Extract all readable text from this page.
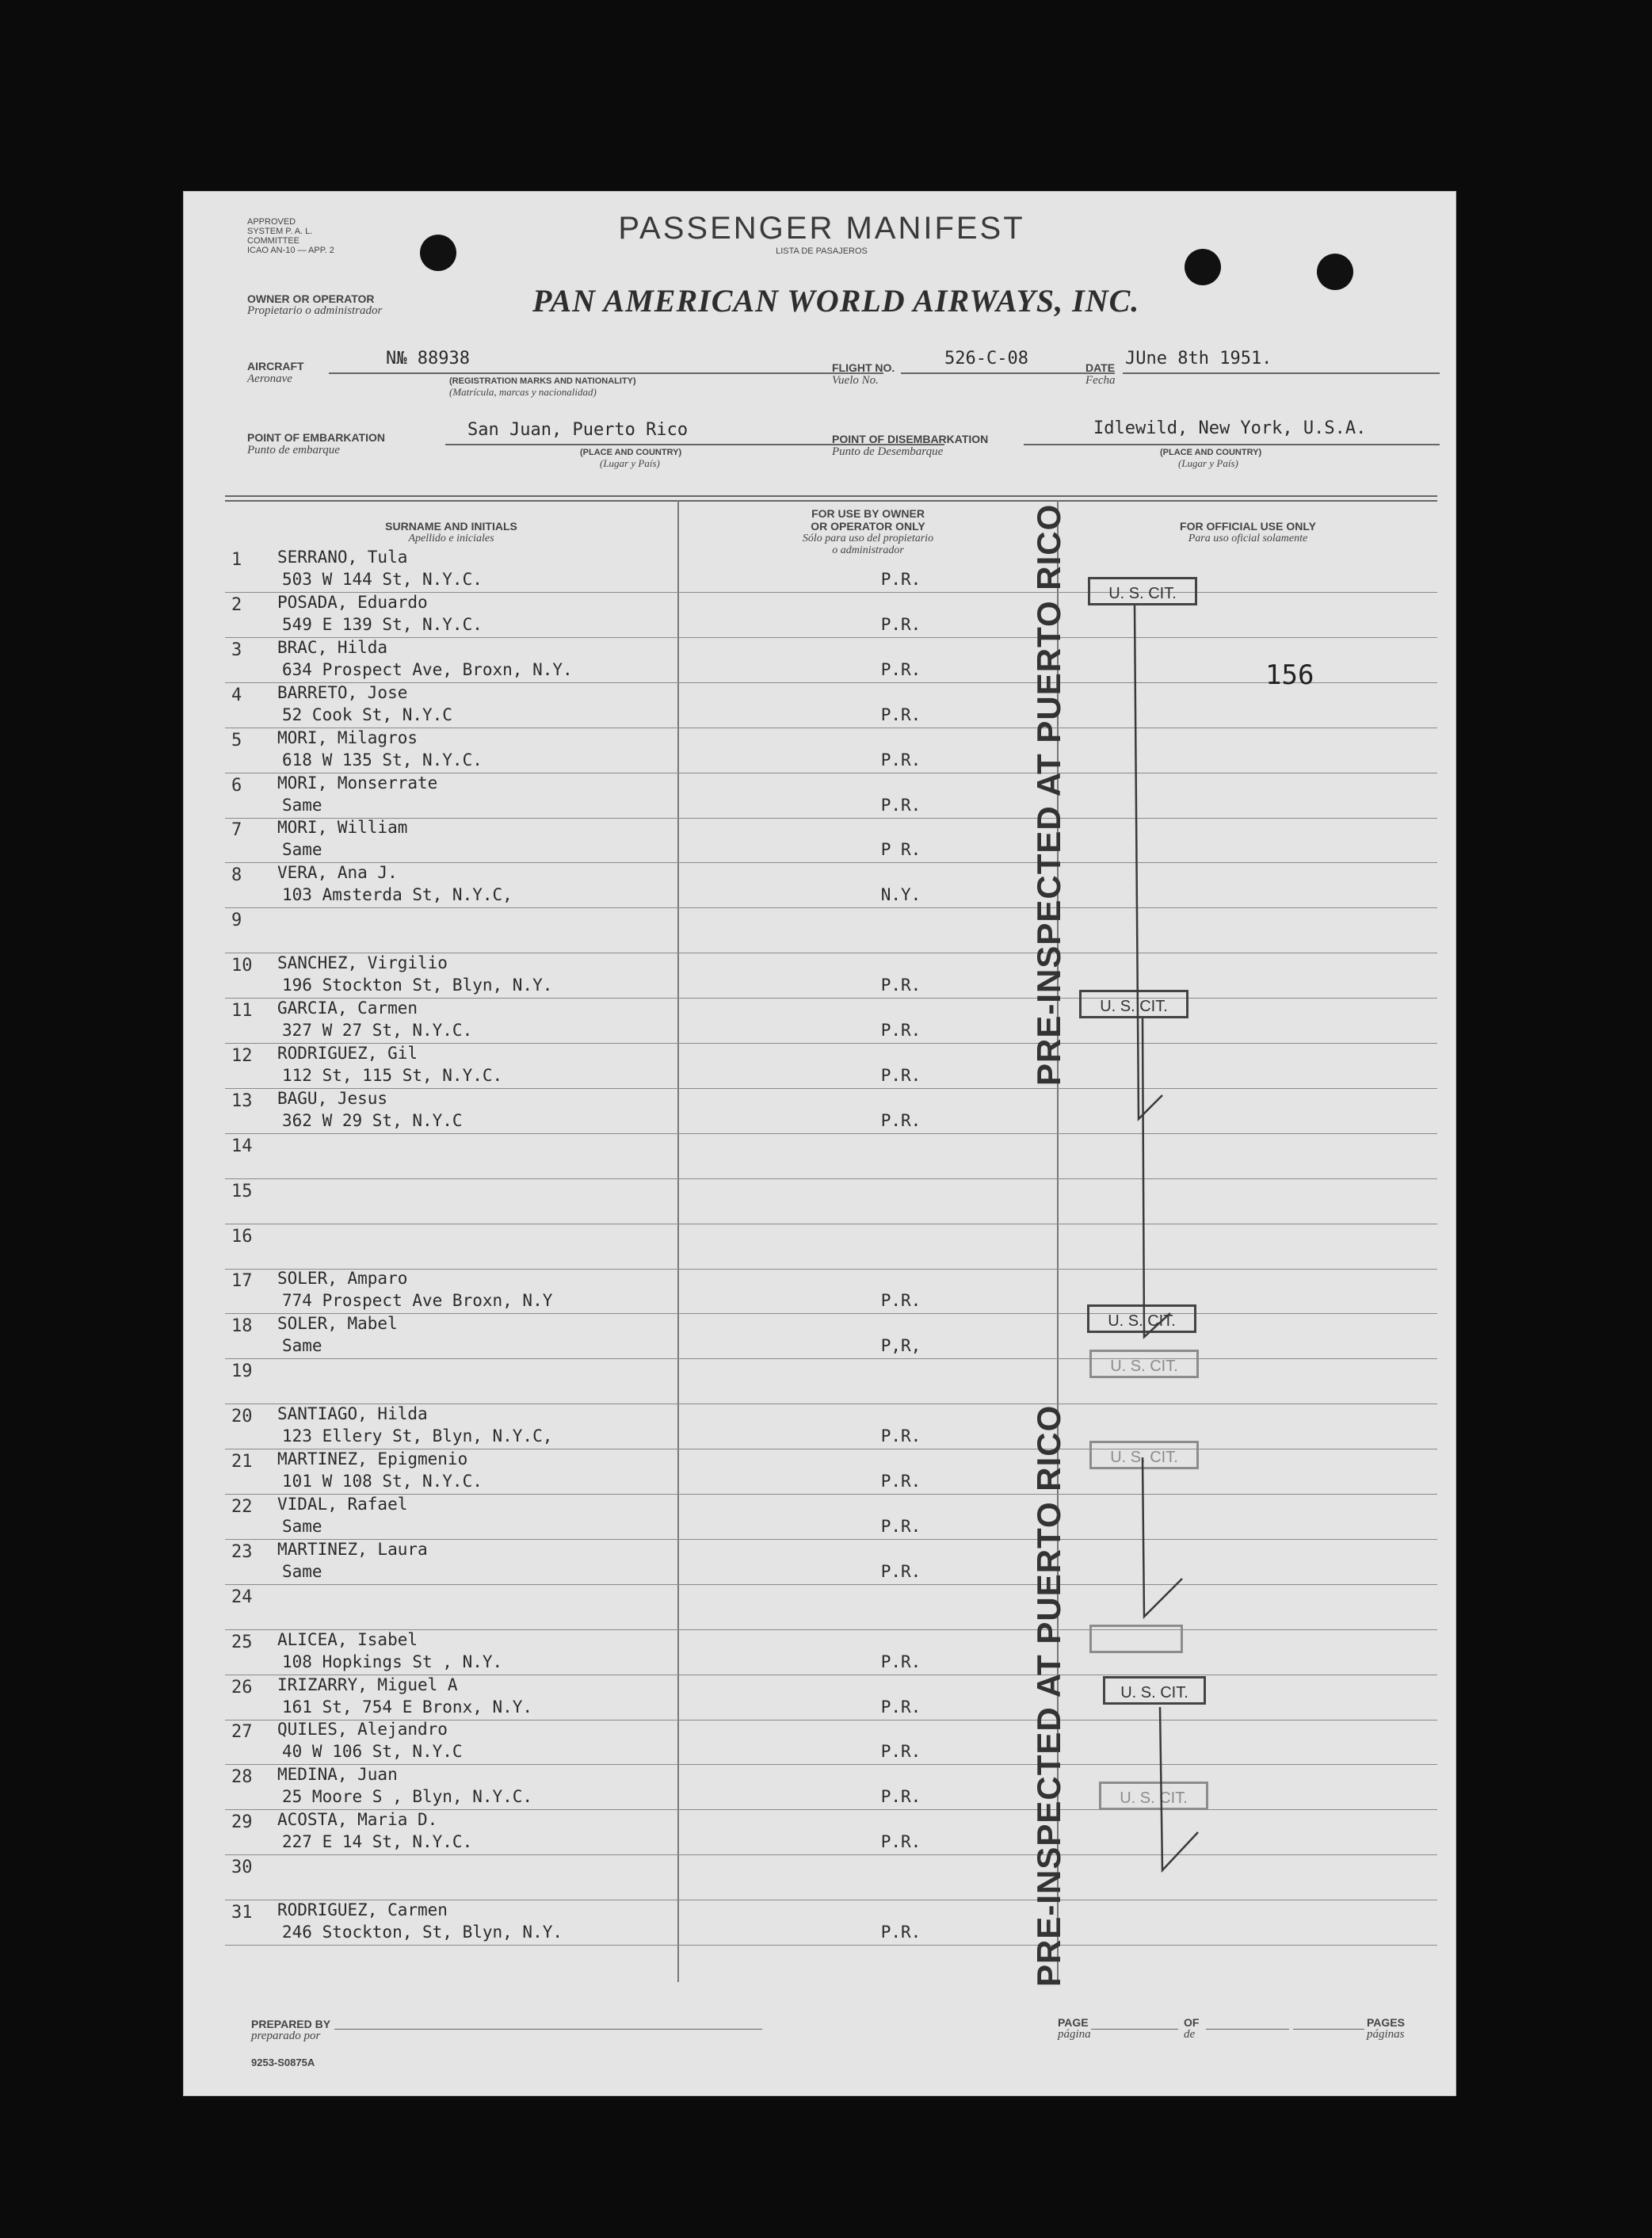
APPROVED
SYSTEM P. A. L. COMMITTEE
ICAO AN-10 — APP. 2
PASSENGER MANIFEST
LISTA DE PASAJEROS
OWNER OR OPERATOR
Propietario o administrador	PAN AMERICAN WORLD AIRWAYS, INC.
AIRCRAFT
Aeronave
N№ 88938
(REGISTRATION MARKS AND NATIONALITY)
(Matrícula, marcas y nacionalidad)
FLIGHT NO.
Vuelo No.
526-C-08	DATE
Fecha
JUne 8th 1951.
POINT OF EMBARKATION
Punto de embarque
San Juan, Puerto Rico
(PLACE AND COUNTRY)
(Lugar y País)
POINT OF DISEMBARKATION
Punto de Desembarque
Idlewild, New York, U.S.A.
(PLACE AND COUNTRY)
(Lugar y País)
SURNAME AND INITIALS
Apellido e iniciales
FOR USE BY OWNER
OR OPERATOR ONLY
Sólo para uso del propietario
o administrador
FOR OFFICIAL USE ONLY
Para uso oficial solamente
1	SERRANO, Tula
503 W 144 St, N.Y.C.	P.R.
2	POSADA, Eduardo
549 E 139 St, N.Y.C.	P.R.
3	BRAC, Hilda
634 Prospect Ave, Broxn, N.Y.	P.R.
4	BARRETO, Jose
52 Cook St, N.Y.C	P.R.
5	MORI, Milagros
618 W 135 St, N.Y.C.	P.R.
6	MORI, Monserrate
Same	P.R.
7	MORI, William
Same	P R.
8	VERA, Ana J.
103 Amsterda St, N.Y.C,	N.Y.
9
10	SANCHEZ, Virgilio
196 Stockton St, Blyn, N.Y.	P.R.
11	GARCIA, Carmen
327 W 27 St, N.Y.C.	P.R.
12	RODRIGUEZ, Gil
112 St, 115 St, N.Y.C.	P.R.
13	BAGU, Jesus
362 W 29 St, N.Y.C	P.R.
14
15
16
17	SOLER, Amparo
774 Prospect Ave Broxn, N.Y	P.R.
18	SOLER, Mabel
Same	P,R,
19
20	SANTIAGO, Hilda
123 Ellery St, Blyn, N.Y.C,	P.R.
21	MARTINEZ, Epigmenio
101 W 108 St, N.Y.C.	P.R.
22	VIDAL, Rafael
Same	P.R.
23	MARTINEZ, Laura
Same	P.R.
24
25	ALICEA, Isabel
108 Hopkings St , N.Y.	P.R.
26	IRIZARRY, Miguel A
161 St, 754 E Bronx, N.Y.	P.R.
27	QUILES, Alejandro
40 W 106 St, N.Y.C	P.R.
28	MEDINA, Juan
25 Moore S , Blyn, N.Y.C.	P.R.
29	ACOSTA, Maria D.
227 E 14 St, N.Y.C.	P.R.
30
31	RODRIGUEZ, Carmen
246 Stockton, St, Blyn, N.Y.	P.R.
U. S. CIT.
U. S. CIT.
U. S. CIT.
U. S. CIT.
U. S. CIT.
U. S. CIT.
U. S. CIT.
156
PRE-INSPECTED AT PUERTO RICO
PRE-INSPECTED AT PUERTO RICO
PREPARED BY
preparado por
9253-S0875A
PAGE
página
OF
de
PAGES
páginas
